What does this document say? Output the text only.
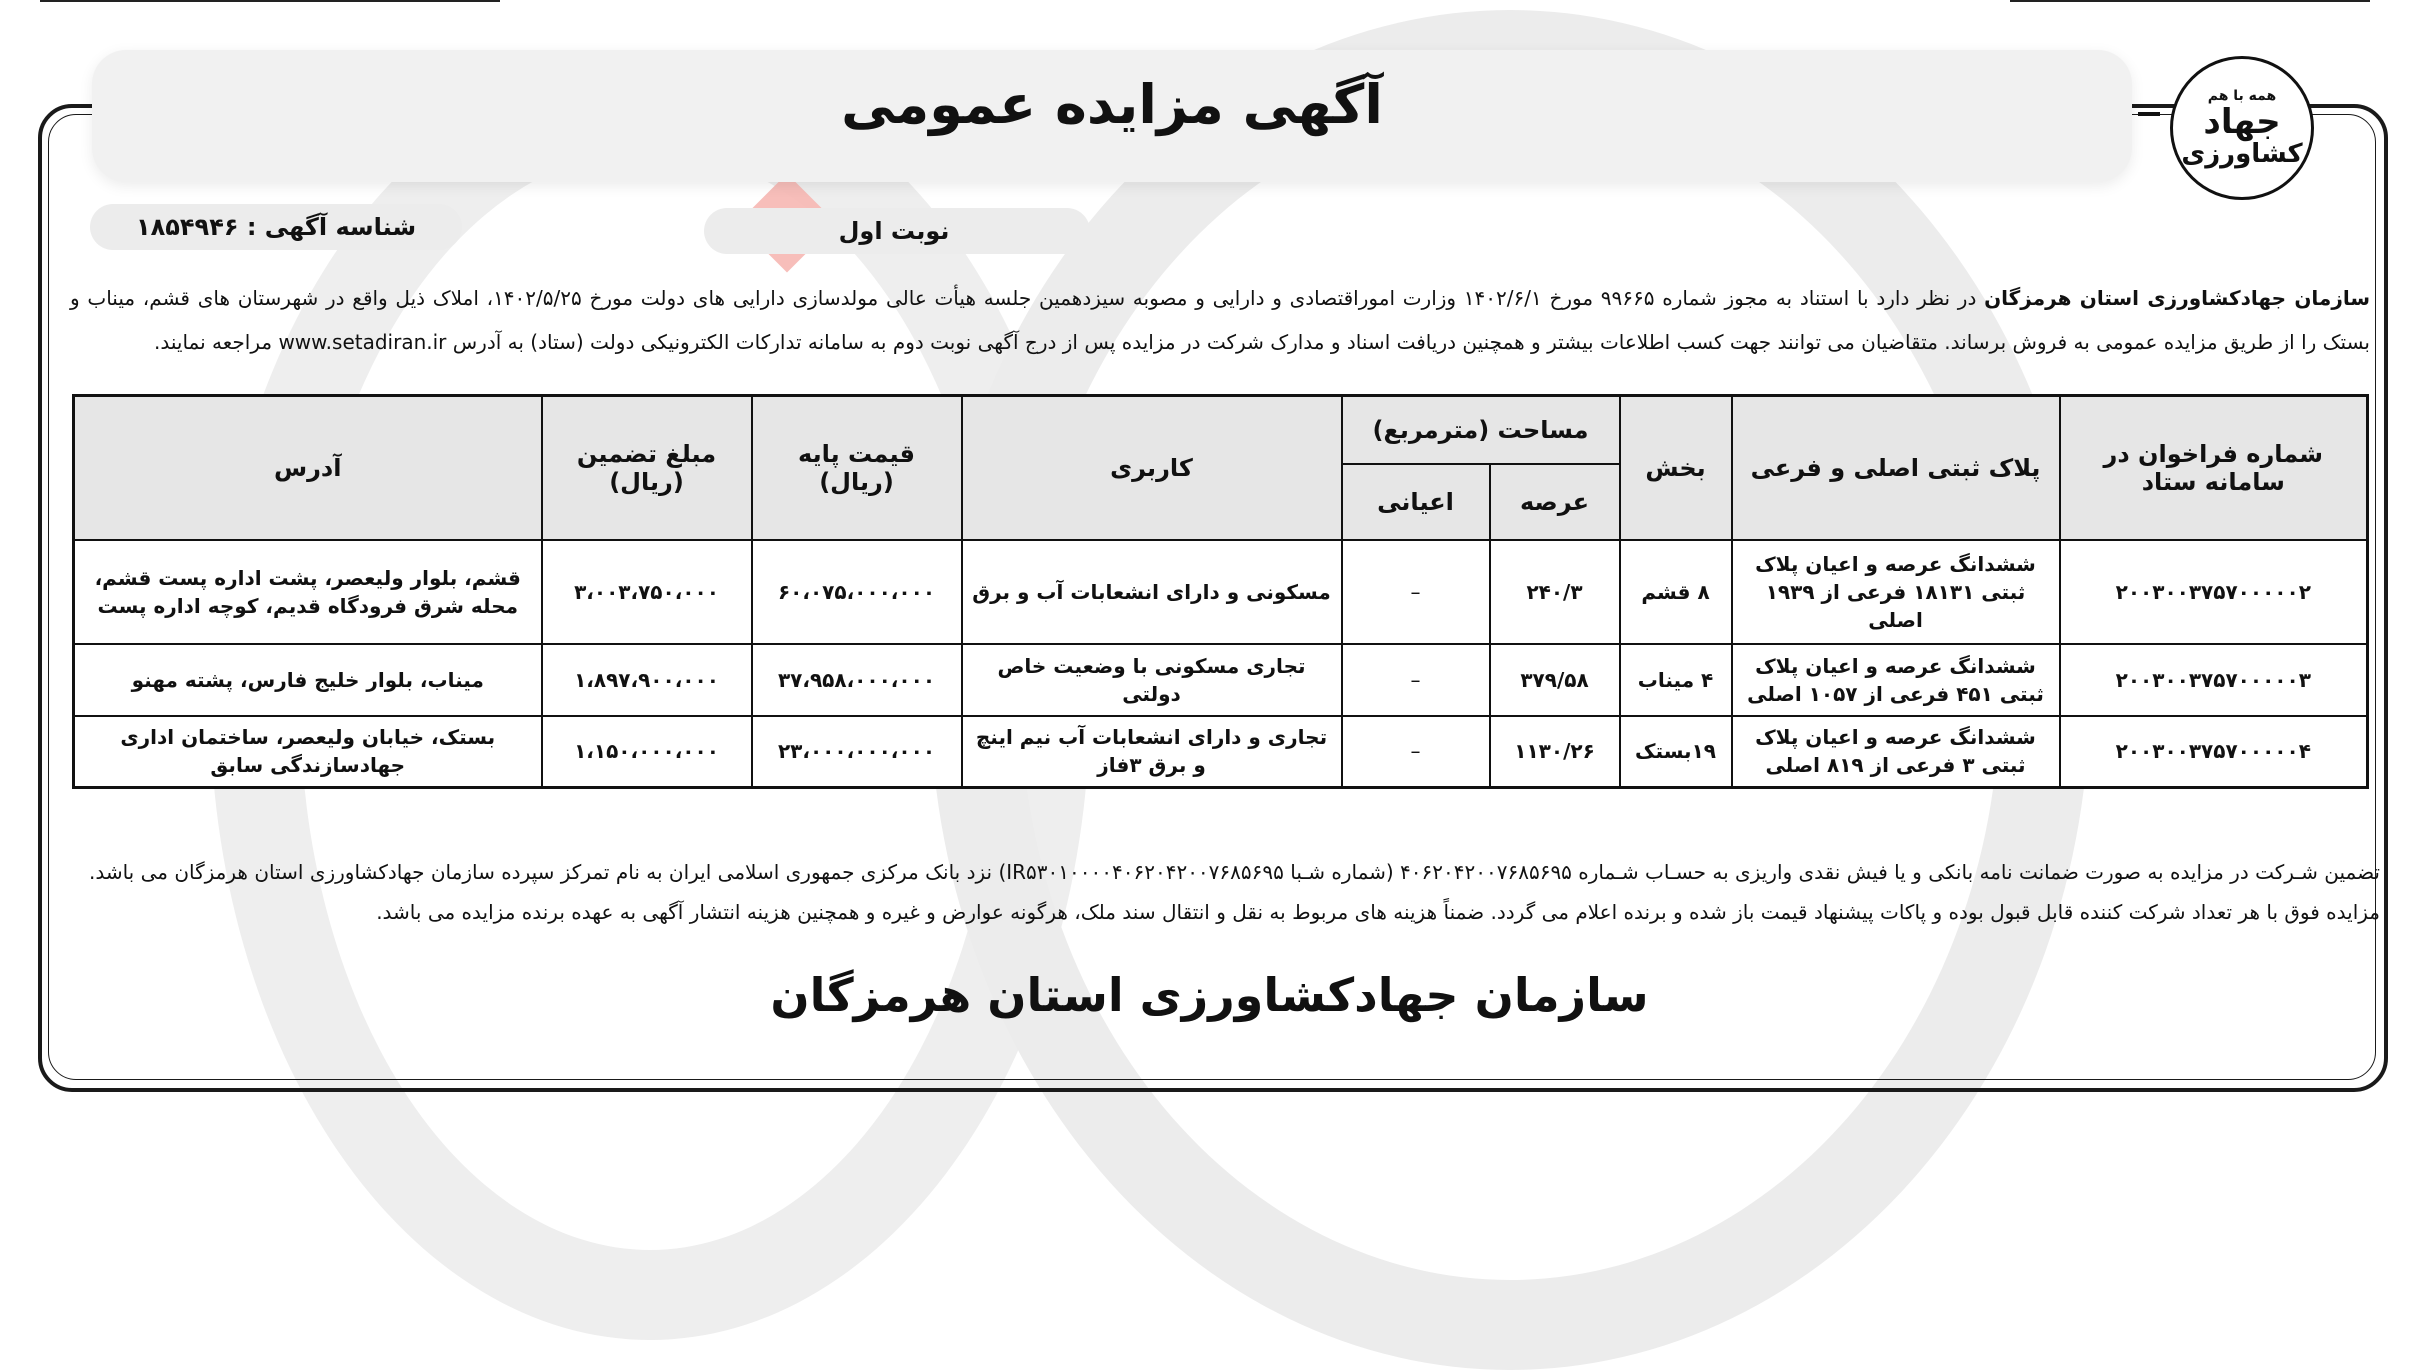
آگهی مزایده عمومی	همه با هم
جهاد
کشاورزی
نوبت اول
شناسه آگهی : ۱۸۵۴۹۴۶
سازمان جهادکشاورزی استان هرمزگان در نظر دارد با استناد به مجوز شماره ۹۹۶۶۵ مورخ ۱۴۰۲/۶/۱ وزارت اموراقتصادی و دارایی و مصوبه سیزدهمین جلسه هیأت عالی مولدسازی دارایی های دولت مورخ ۱۴۰۲/۵/۲۵، املاک ذیل واقع در شهرستان های قشم، میناب و بستک را از طریق مزایده عمومی به فروش برساند. متقاضیان می توانند جهت کسب اطلاعات بیشتر و همچنین دریافت اسناد و مدارک شرکت در مزایده پس از درج آگهی نوبت دوم به سامانه تدارکات الکترونیکی دولت (ستاد) به آدرس www.setadiran.ir مراجعه نمایند.
شماره فراخوان در سامانه ستاد	پلاک ثبتی اصلی و فرعی	بخش	مساحت (مترمربع)		کاربری	قیمت پایه (ریال)	مبلغ تضمین (ریال)	آدرس
			عرصه	اعیانی				
۲۰۰۳۰۰۳۷۵۷۰۰۰۰۰۲	ششدانگ عرصه و اعیان پلاک ثبتی ۱۸۱۳۱ فرعی از ۱۹۳۹ اصلی	۸ قشم	۲۴۰/۳	–	مسکونی و دارای انشعابات آب و برق	۶۰،۰۷۵،۰۰۰،۰۰۰	۳،۰۰۳،۷۵۰،۰۰۰	قشم، بلوار ولیعصر، پشت اداره پست قشم، محله شرق فرودگاه قدیم، کوچه اداره پست
۲۰۰۳۰۰۳۷۵۷۰۰۰۰۰۳	ششدانگ عرصه و اعیان پلاک ثبتی ۴۵۱ فرعی از ۱۰۵۷ اصلی	۴ میناب	۳۷۹/۵۸	–	تجاری مسکونی با وضعیت خاص دولتی	۳۷،۹۵۸،۰۰۰،۰۰۰	۱،۸۹۷،۹۰۰،۰۰۰	میناب، بلوار خلیج فارس، پشته مهنو
۲۰۰۳۰۰۳۷۵۷۰۰۰۰۰۴	ششدانگ عرصه و اعیان پلاک ثبتی ۳ فرعی از ۸۱۹ اصلی	۱۹بستک	۱۱۳۰/۲۶	–	تجاری و دارای انشعابات آب نیم اینچ و برق ۳فاز	۲۳،۰۰۰،۰۰۰،۰۰۰	۱،۱۵۰،۰۰۰،۰۰۰	بستک، خیابان ولیعصر، ساختمان اداری جهادسازندگی سابق
تضمین شـرکت در مزایده به صورت ضمانت نامه بانکی و یا فیش نقدی واریزی به حسـاب شـماره ۴۰۶۲۰۴۲۰۰۷۶۸۵۶۹۵ (شماره شـبا IR۵۳۰۱۰۰۰۰۴۰۶۲۰۴۲۰۰۷۶۸۵۶۹۵) نزد بانک مرکزی جمهوری اسلامی ایران به نام تمرکز سپرده سازمان جهادکشاورزی استان هرمزگان می باشد.
مزایده فوق با هر تعداد شرکت کننده قابل قبول بوده و پاکات پیشنهاد قیمت باز شده و برنده اعلام می گردد. ضمناً هزینه های مربوط به نقل و انتقال سند ملک، هرگونه عوارض و غیره و همچنین هزینه انتشار آگهی به عهده برنده مزایده می باشد.
سازمان جهادکشاورزی استان هرمزگان
